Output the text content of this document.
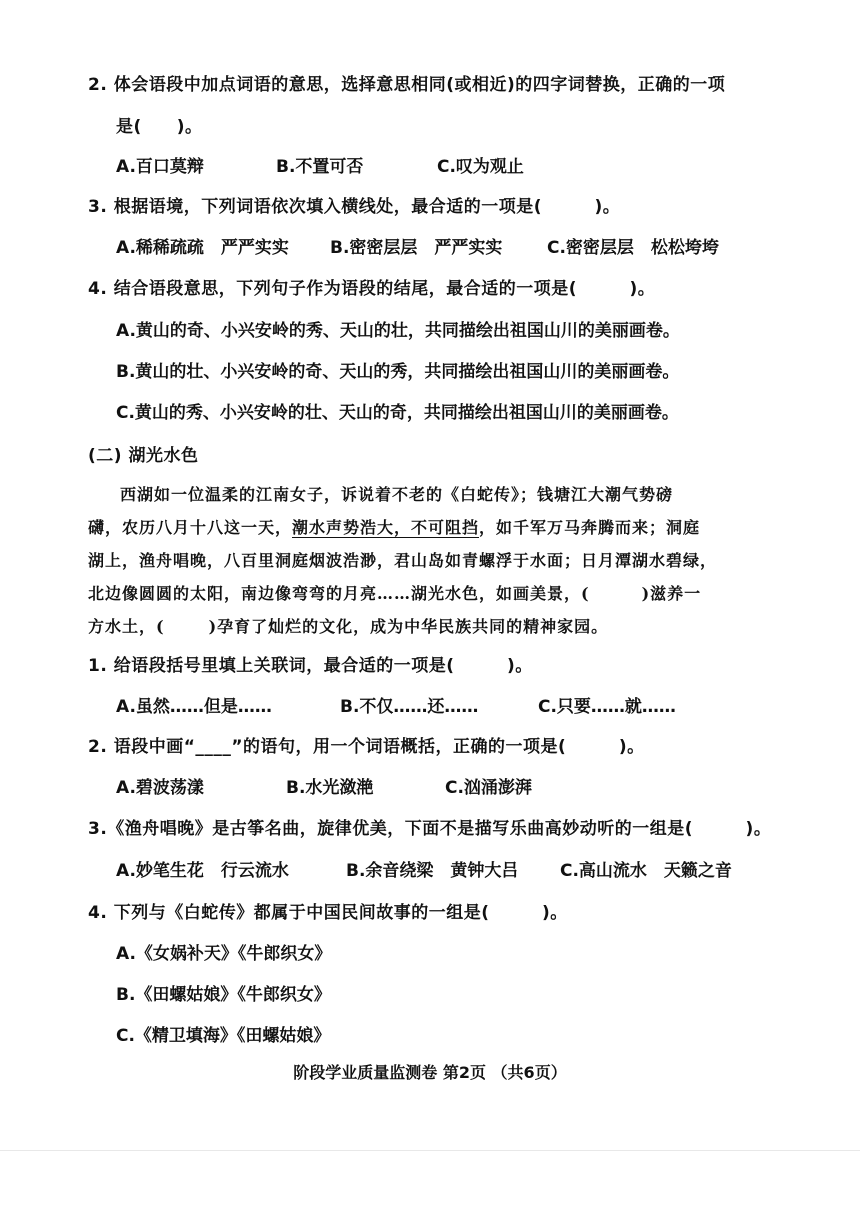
2. 体会语段中加点词语的意思，选择意思相同(或相近)的四字词替换，正确的一项
是(　　)。
A.百口莫辩	B.不置可否	C.叹为观止
3. 根据语境，下列词语依次填入横线处，最合适的一项是(　　　)。
A.稀稀疏疏　严严实实 B.密密层层　严严实实	C.密密层层　松松垮垮
4. 结合语段意思，下列句子作为语段的结尾，最合适的一项是(　　　)。
A.黄山的奇、小兴安岭的秀、天山的壮，共同描绘出祖国山川的美丽画卷。
B.黄山的壮、小兴安岭的奇、天山的秀，共同描绘出祖国山川的美丽画卷。
C.黄山的秀、小兴安岭的壮、天山的奇，共同描绘出祖国山川的美丽画卷。
(二) 湖光水色
西湖如一位温柔的江南女子，诉说着不老的《白蛇传》；钱塘江大潮气势磅
礴，农历八月十八这一天，潮水声势浩大，不可阻挡，如千军万马奔腾而来；洞庭
湖上，渔舟唱晚，八百里洞庭烟波浩渺，君山岛如青螺浮于水面；日月潭湖水碧绿，
北边像圆圆的太阳，南边像弯弯的月亮……湖光水色，如画美景，(	)滋养一
方水土，(	)孕育了灿烂的文化，成为中华民族共同的精神家园。
1. 给语段括号里填上关联词，最合适的一项是(　　　)。
A.虽然……但是……	B.不仅……还……	C.只要……就……
2. 语段中画“____”的语句，用一个词语概括，正确的一项是(　　　)。
A.碧波荡漾	B.水光潋滟	C.汹涌澎湃
3.《渔舟唱晚》是古筝名曲，旋律优美，下面不是描写乐曲高妙动听的一组是(　　　)。
A.妙笔生花　行云流水	B.余音绕梁　黄钟大吕 C.高山流水　天籁之音
4. 下列与《白蛇传》都属于中国民间故事的一组是(　　　)。
A.《女娲补天》《牛郎织女》
B.《田螺姑娘》《牛郎织女》
C.《精卫填海》《田螺姑娘》
阶段学业质量监测卷 第2页 （共6页）
